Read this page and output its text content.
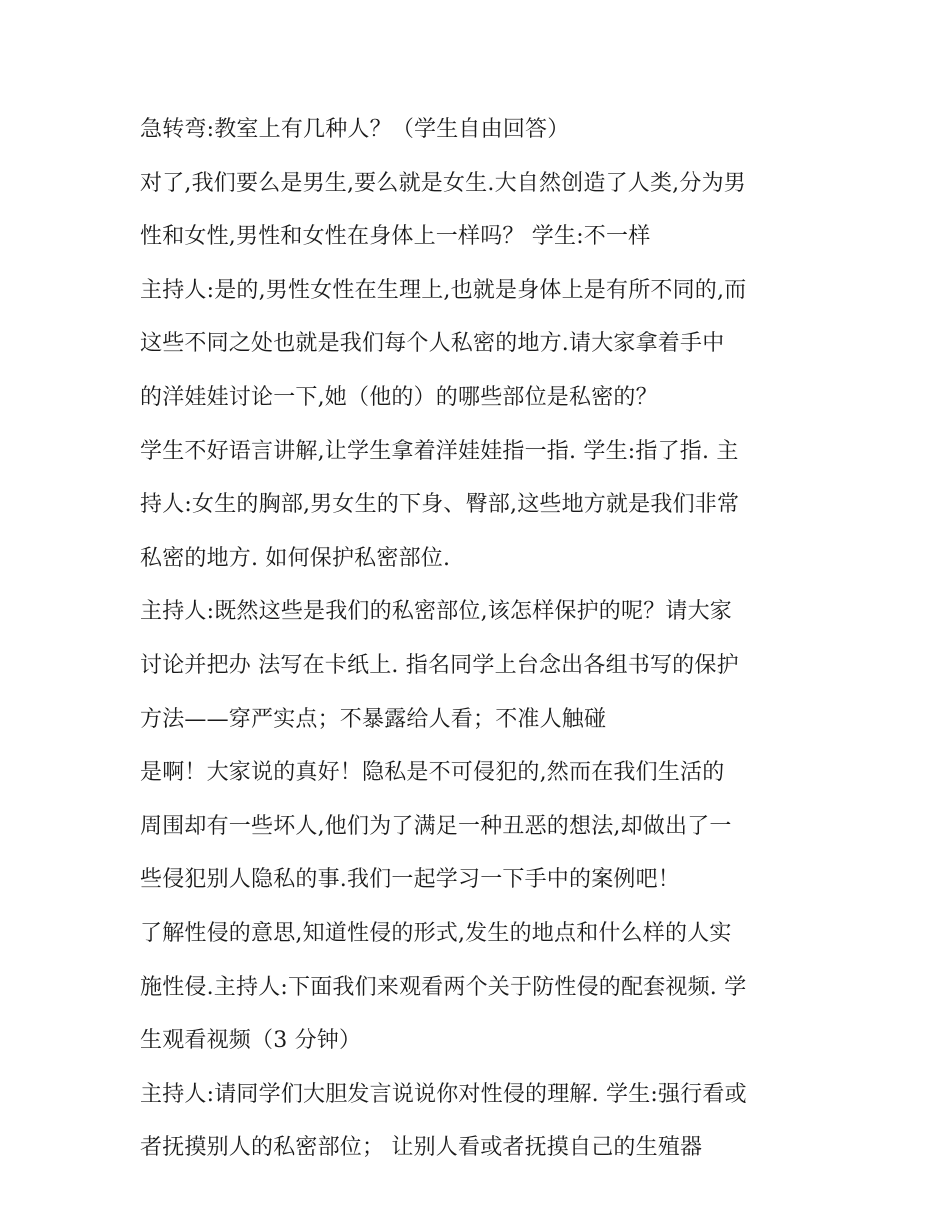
急转弯:教室上有几种人？（学生自由回答）
对了,我们要么是男生,要么就是女生.大自然创造了人类,分为男
性和女性,男性和女性在身体上一样吗？ 学生:不一样
主持人:是的,男性女性在生理上,也就是身体上是有所不同的,而
这些不同之处也就是我们每个人私密的地方.请大家拿着手中
的洋娃娃讨论一下,她（他的）的哪些部位是私密的？
学生不好语言讲解,让学生拿着洋娃娃指一指. 学生:指了指. 主
持人:女生的胸部,男女生的下身、臀部,这些地方就是我们非常
私密的地方. 如何保护私密部位.
主持人:既然这些是我们的私密部位,该怎样保护的呢？请大家
讨论并把办 法写在卡纸上. 指名同学上台念出各组书写的保护
方法——穿严实点；不暴露给人看；不准人触碰
是啊！大家说的真好！隐私是不可侵犯的,然而在我们生活的
周围却有一些坏人,他们为了满足一种丑恶的想法,却做出了一
些侵犯别人隐私的事.我们一起学习一下手中的案例吧！
了解性侵的意思,知道性侵的形式,发生的地点和什么样的人实
施性侵.主持人:下面我们来观看两个关于防性侵的配套视频. 学
生观看视频（3 分钟）
主持人:请同学们大胆发言说说你对性侵的理解. 学生:强行看或
者抚摸别人的私密部位； 让别人看或者抚摸自己的生殖器
